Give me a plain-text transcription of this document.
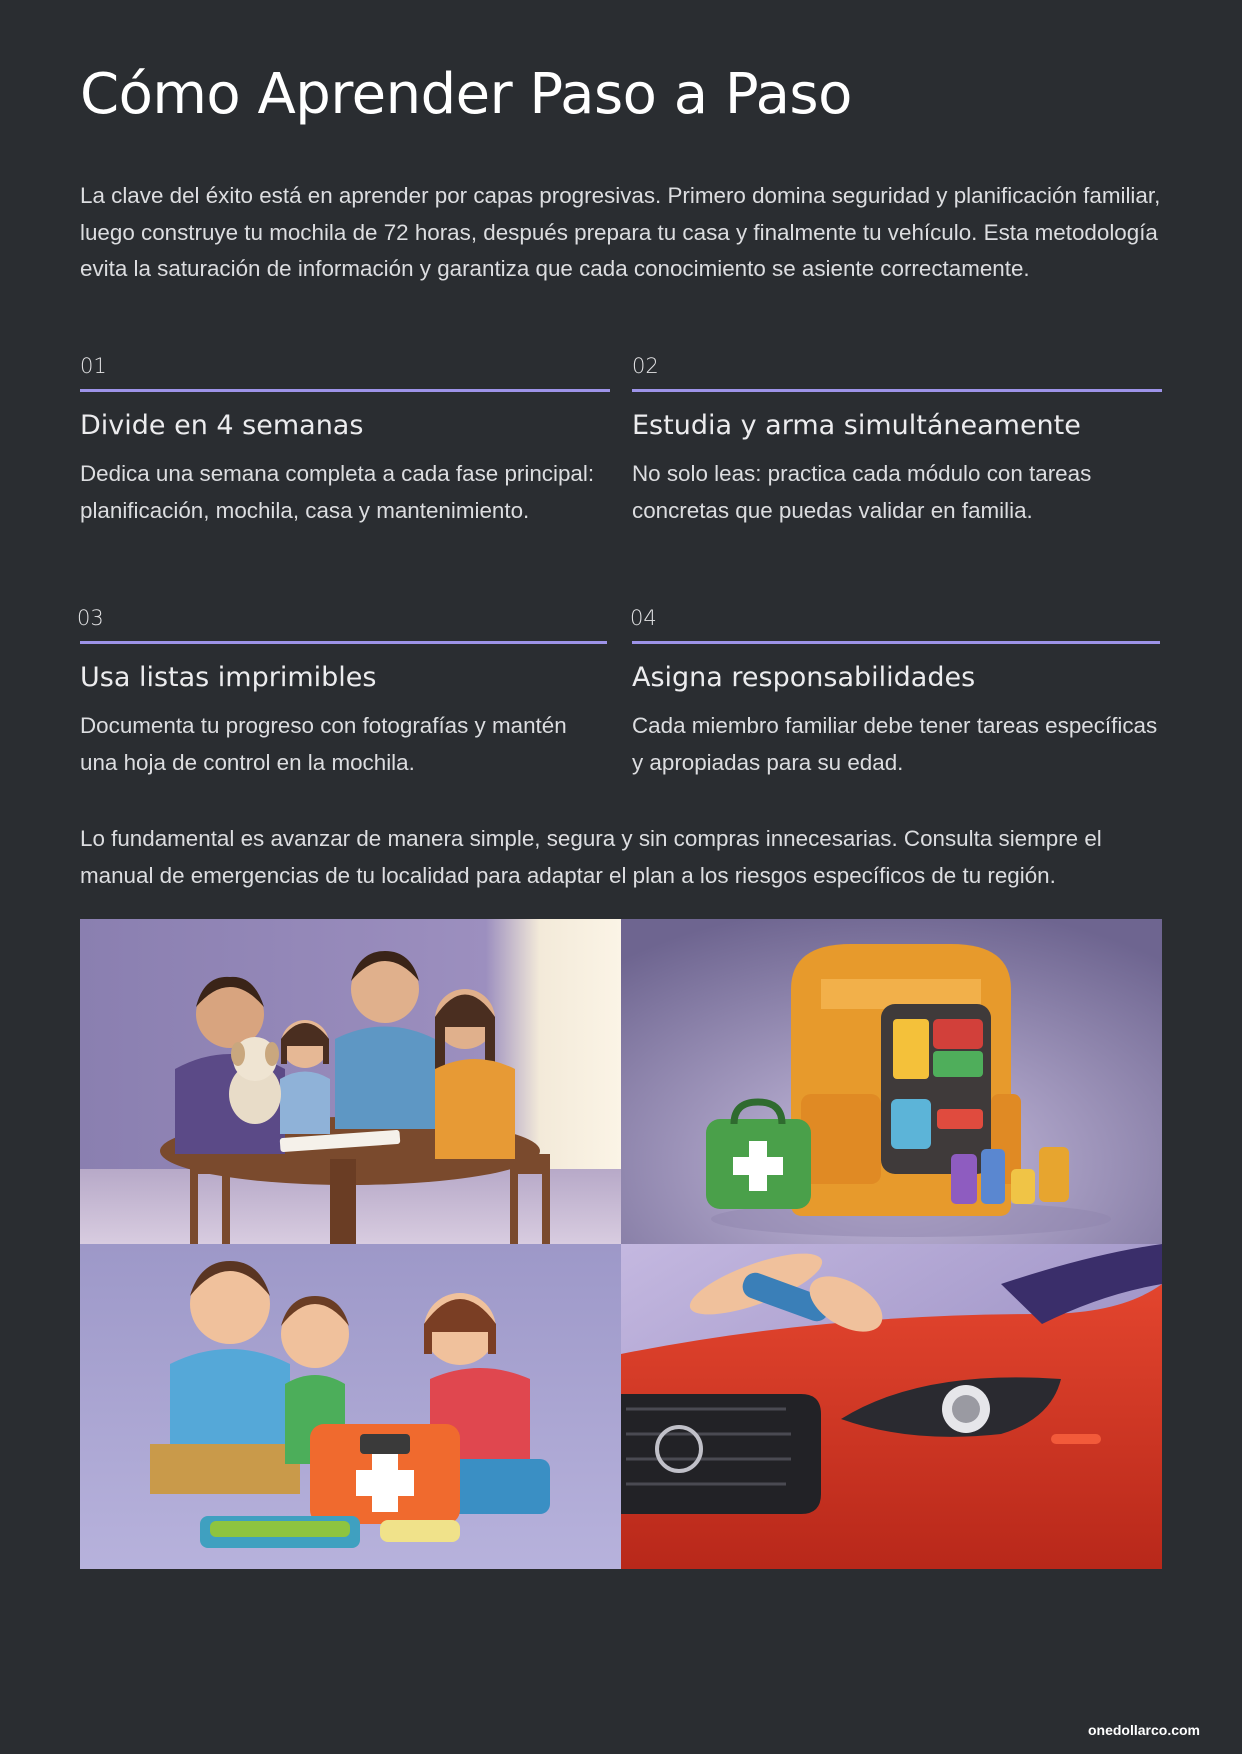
Cómo Aprender Paso a Paso

La clave del éxito está en aprender por capas progresivas. Primero domina seguridad y planificación familiar, luego construye tu mochila de 72 horas, después prepara tu casa y finalmente tu vehículo. Esta metodología evita la saturación de información y garantiza que cada conocimiento se asiente correctamente.

01
Divide en 4 semanas

Dedica una semana completa a cada fase principal: planificación, mochila, casa y mantenimiento.

02
Estudia y arma simultáneamente

No solo leas: practica cada módulo con tareas concretas que puedas validar en familia.

03
Usa listas imprimibles

Documenta tu progreso con fotografías y mantén una hoja de control en la mochila.

04
Asigna responsabilidades

Cada miembro familiar debe tener tareas específicas y apropiadas para su edad.

Lo fundamental es avanzar de manera simple, segura y sin compras innecesarias. Consulta siempre el manual de emergencias de tu localidad para adaptar el plan a los riesgos específicos de tu región.

onedollarco.com
